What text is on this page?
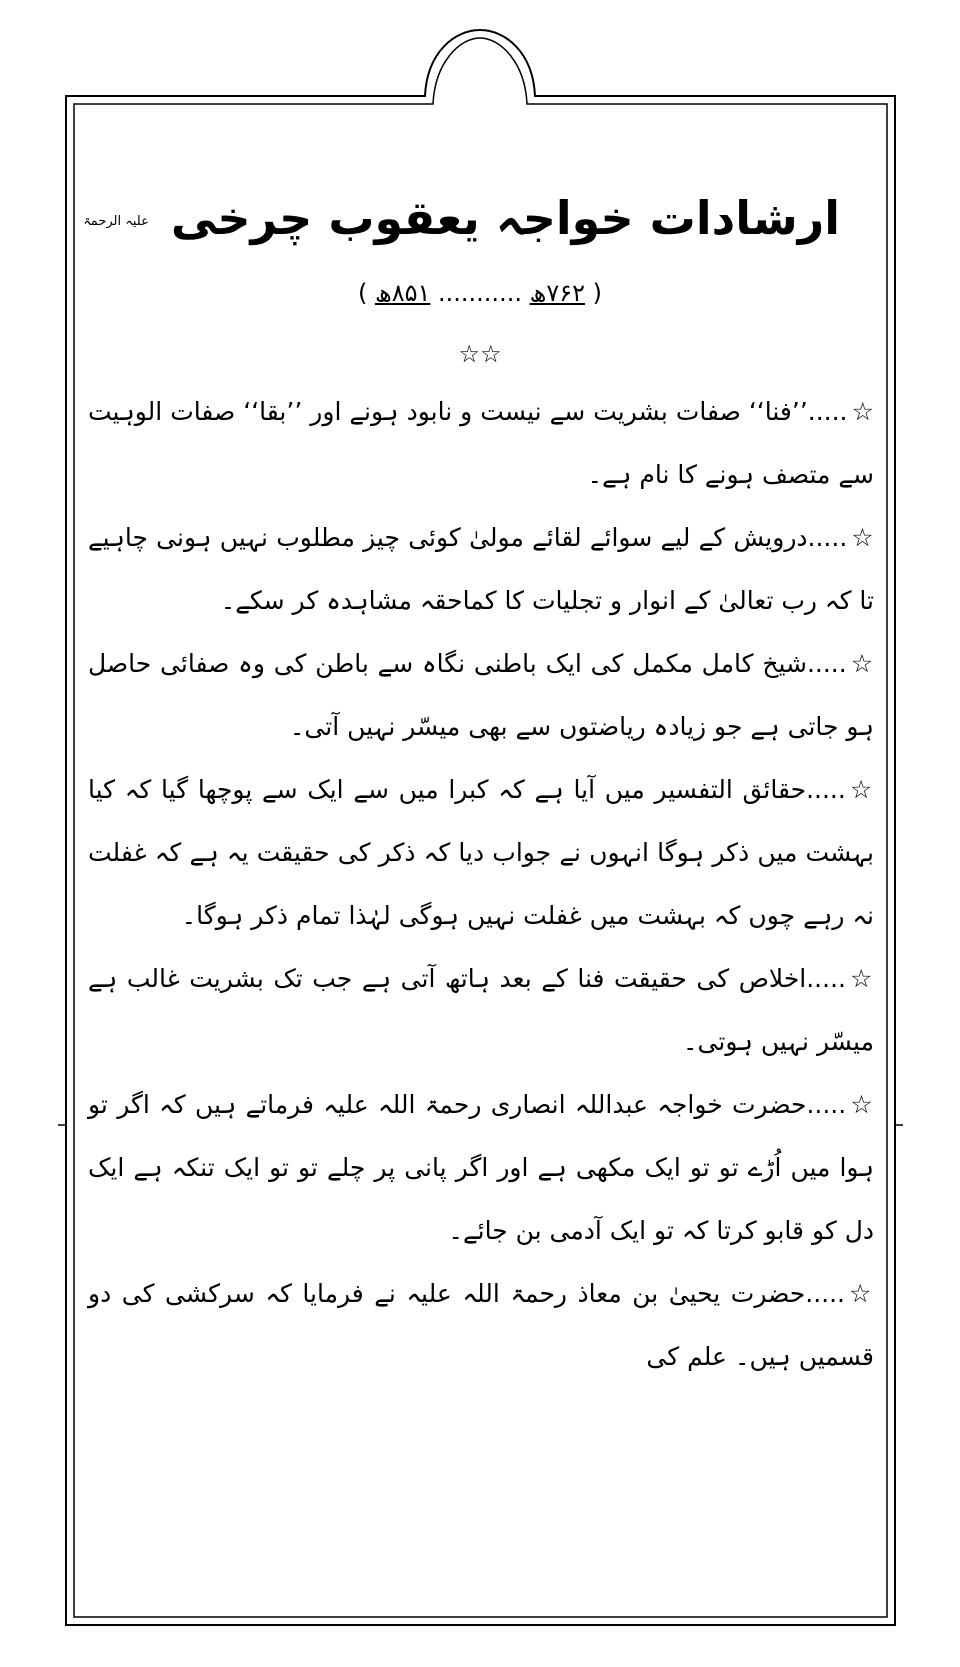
ارشادات خواجہ یعقوب چرخی علیہ الرحمۃ
( ۷۶۲ھ ........... ۸۵۱ھ )
☆☆

☆.....’’فنا‘‘ صفات بشریت سے نیست و نابود ہونے اور ’’بقا‘‘ صفات الوہیت سے متصف ہونے کا نام ہے۔

☆.....درویش کے لیے سوائے لقائے مولیٰ کوئی چیز مطلوب نہیں ہونی چاہیے تا کہ رب تعالیٰ کے انوار و تجلیات کا کماحقہ مشاہدہ کر سکے۔

☆.....شیخ کامل مکمل کی ایک باطنی نگاہ سے باطن کی وہ صفائی حاصل ہو جاتی ہے جو زیادہ ریاضتوں سے بھی میسّر نہیں آتی۔

☆.....حقائق التفسیر میں آیا ہے کہ کبرا میں سے ایک سے پوچھا گیا کہ کیا بہشت میں ذکر ہوگا انہوں نے جواب دیا کہ ذکر کی حقیقت یہ ہے کہ غفلت نہ رہے چوں کہ بہشت میں غفلت نہیں ہوگی لہٰذا تمام ذکر ہوگا۔

☆.....اخلاص کی حقیقت فنا کے بعد ہاتھ آتی ہے جب تک بشریت غالب ہے میسّر نہیں ہوتی۔

☆.....حضرت خواجہ عبداللہ انصاری رحمۃ اللہ علیہ فرماتے ہیں کہ اگر تو ہوا میں اُڑے تو تو ایک مکھی ہے اور اگر پانی پر چلے تو تو ایک تنکہ ہے ایک دل کو قابو کرتا کہ تو ایک آدمی بن جائے۔

☆.....حضرت یحییٰ بن معاذ رحمۃ اللہ علیہ نے فرمایا کہ سرکشی کی دو قسمیں ہیں۔ علم کی
